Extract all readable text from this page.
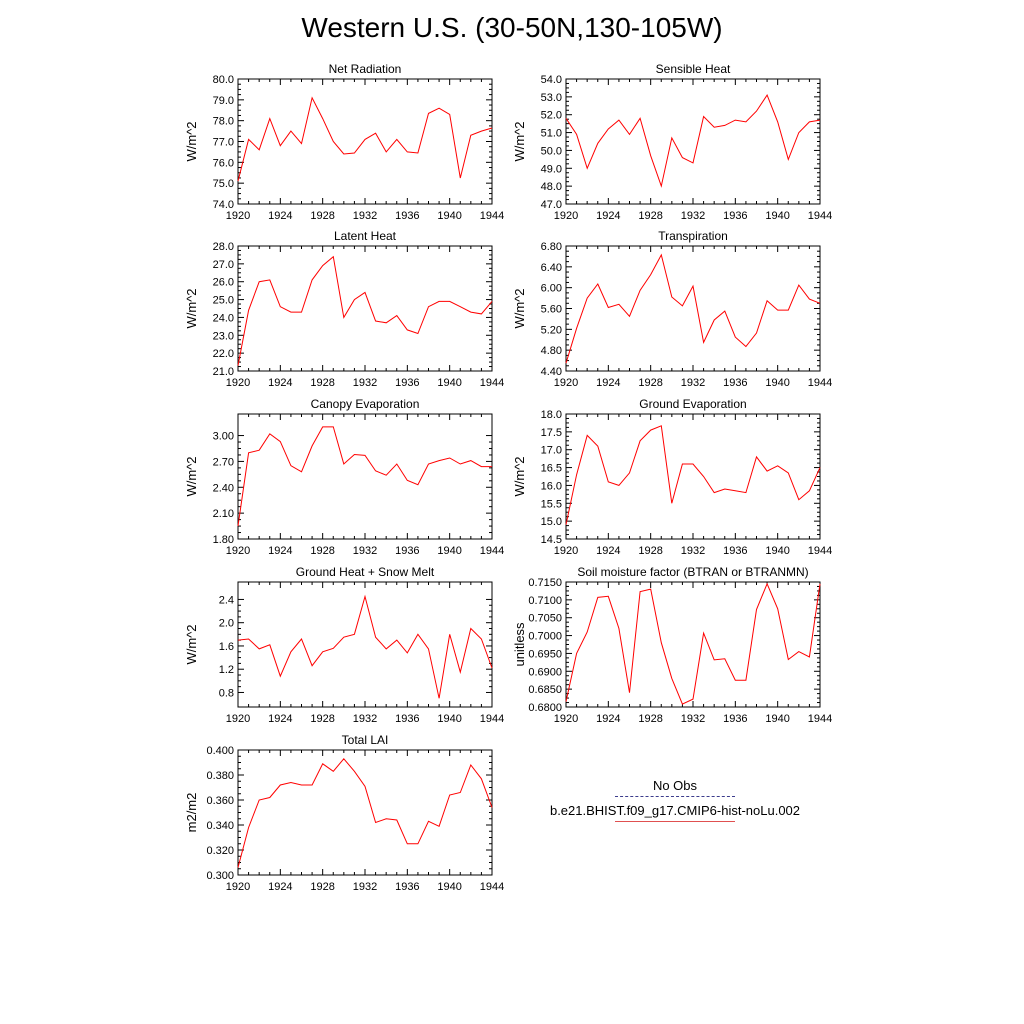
Western U.S. (30-50N,130-105W)
Net Radiation
W/m^2
1920 1924 1928 1932 1936 1940 1944
74.0
75.0
76.0
77.0
78.0
79.0
80.0
Sensible Heat
W/m^2
1920 1924 1928 1932 1936 1940 1944
47.0
48.0
49.0
50.0
51.0
52.0
53.0
54.0
Latent Heat
W/m^2
1920 1924 1928 1932 1936 1940 1944
21.0
22.0
23.0
24.0
25.0
26.0
27.0
28.0
Transpiration
W/m^2
1920 1924 1928 1932 1936 1940 1944
4.40
4.80
5.20
5.60
6.00
6.40
6.80
Canopy Evaporation
W/m^2
1920 1924 1928 1932 1936 1940 1944
1.80
2.10
2.40
2.70
3.00
Ground Evaporation
W/m^2
1920 1924 1928 1932 1936 1940 1944
14.5
15.0
15.5
16.0
16.5
17.0
17.5
18.0
Ground Heat + Snow Melt
W/m^2
1920 1924 1928 1932 1936 1940 1944
0.8
1.2
1.6
2.0
2.4
Soil moisture factor (BTRAN or BTRANMN)
unitless
1920 1924 1928 1932 1936 1940 1944
0.6800
0.6850
0.6900
0.6950
0.7000
0.7050
0.7100
0.7150
Total LAI
m2/m2
1920 1924 1928 1932 1936 1940 1944
0.300
0.320
0.340
0.360
0.380
0.400
No Obs
b.e21.BHIST.f09_g17.CMIP6-hist-noLu.002
